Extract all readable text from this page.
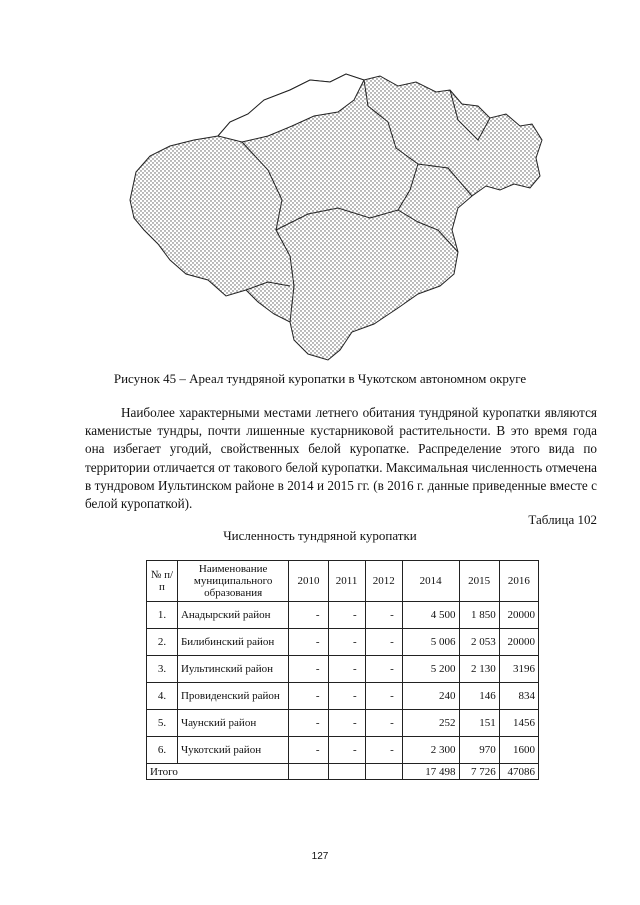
Рисунок 45 – Ареал тундряной куропатки в Чукотском автономном округе

Наиболее характерными местами летнего обитания тундряной куропатки являются каменистые тундры, почти лишенные кустарниковой растительности. В это время года она избегает угодий, свойственных белой куропатке. Распределение этого вида по территории отличается от такового белой куропатки. Максимальная численность отмечена в тундровом Иультинском районе в 2014 и 2015 гг. (в 2016 г. данные приведенные вместе с белой куропаткой).

Таблица 102
Численность тундряной куропатки
№ п/п	Наименование муниципального образования	2010	2011	2012	2014	2015	2016
1.	Анадырский район	-	-	-	4 500	1 850	20000
2.	Билибинский район	-	-	-	5 006	2 053	20000
3.	Иультинский район	-	-	-	5 200	2 130	3196
4.	Провиденский район	-	-	-	240	146	834
5.	Чаунский район	-	-	-	252	151	1456
6.	Чукотский район	-	-	-	2 300	970	1600
Итого					17 498	7 726	47086
127
